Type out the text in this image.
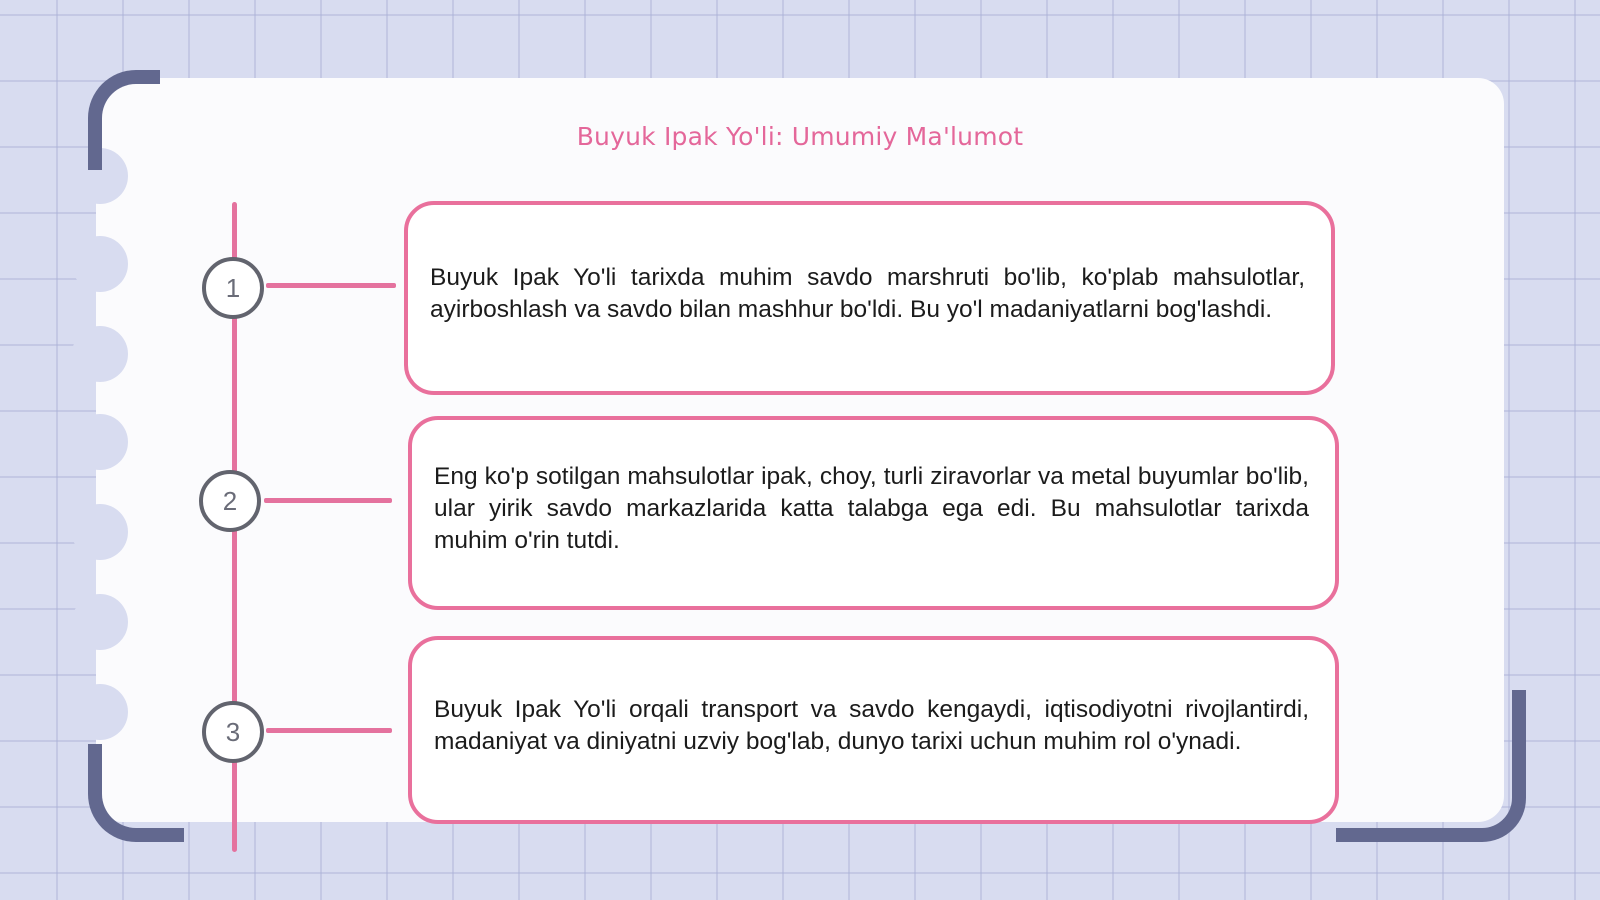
Buyuk Ipak Yo'li: Umumiy Ma'lumot
1
2
3

Buyuk Ipak Yo'li tarixda muhim savdo marshruti bo'lib, ko'plab mahsulotlar, ayirboshlash va savdo bilan mashhur bo'ldi. Bu yo'l madaniyatlarni bog'lashdi.

Eng ko'p sotilgan mahsulotlar ipak, choy, turli ziravorlar va metal buyumlar bo'lib, ular yirik savdo markazlarida katta talabga ega edi. Bu mahsulotlar tarixda muhim o'rin tutdi.

Buyuk Ipak Yo'li orqali transport va savdo kengaydi, iqtisodiyotni rivojlantirdi, madaniyat va diniyatni uzviy bog'lab, dunyo tarixi uchun muhim rol o'ynadi.
